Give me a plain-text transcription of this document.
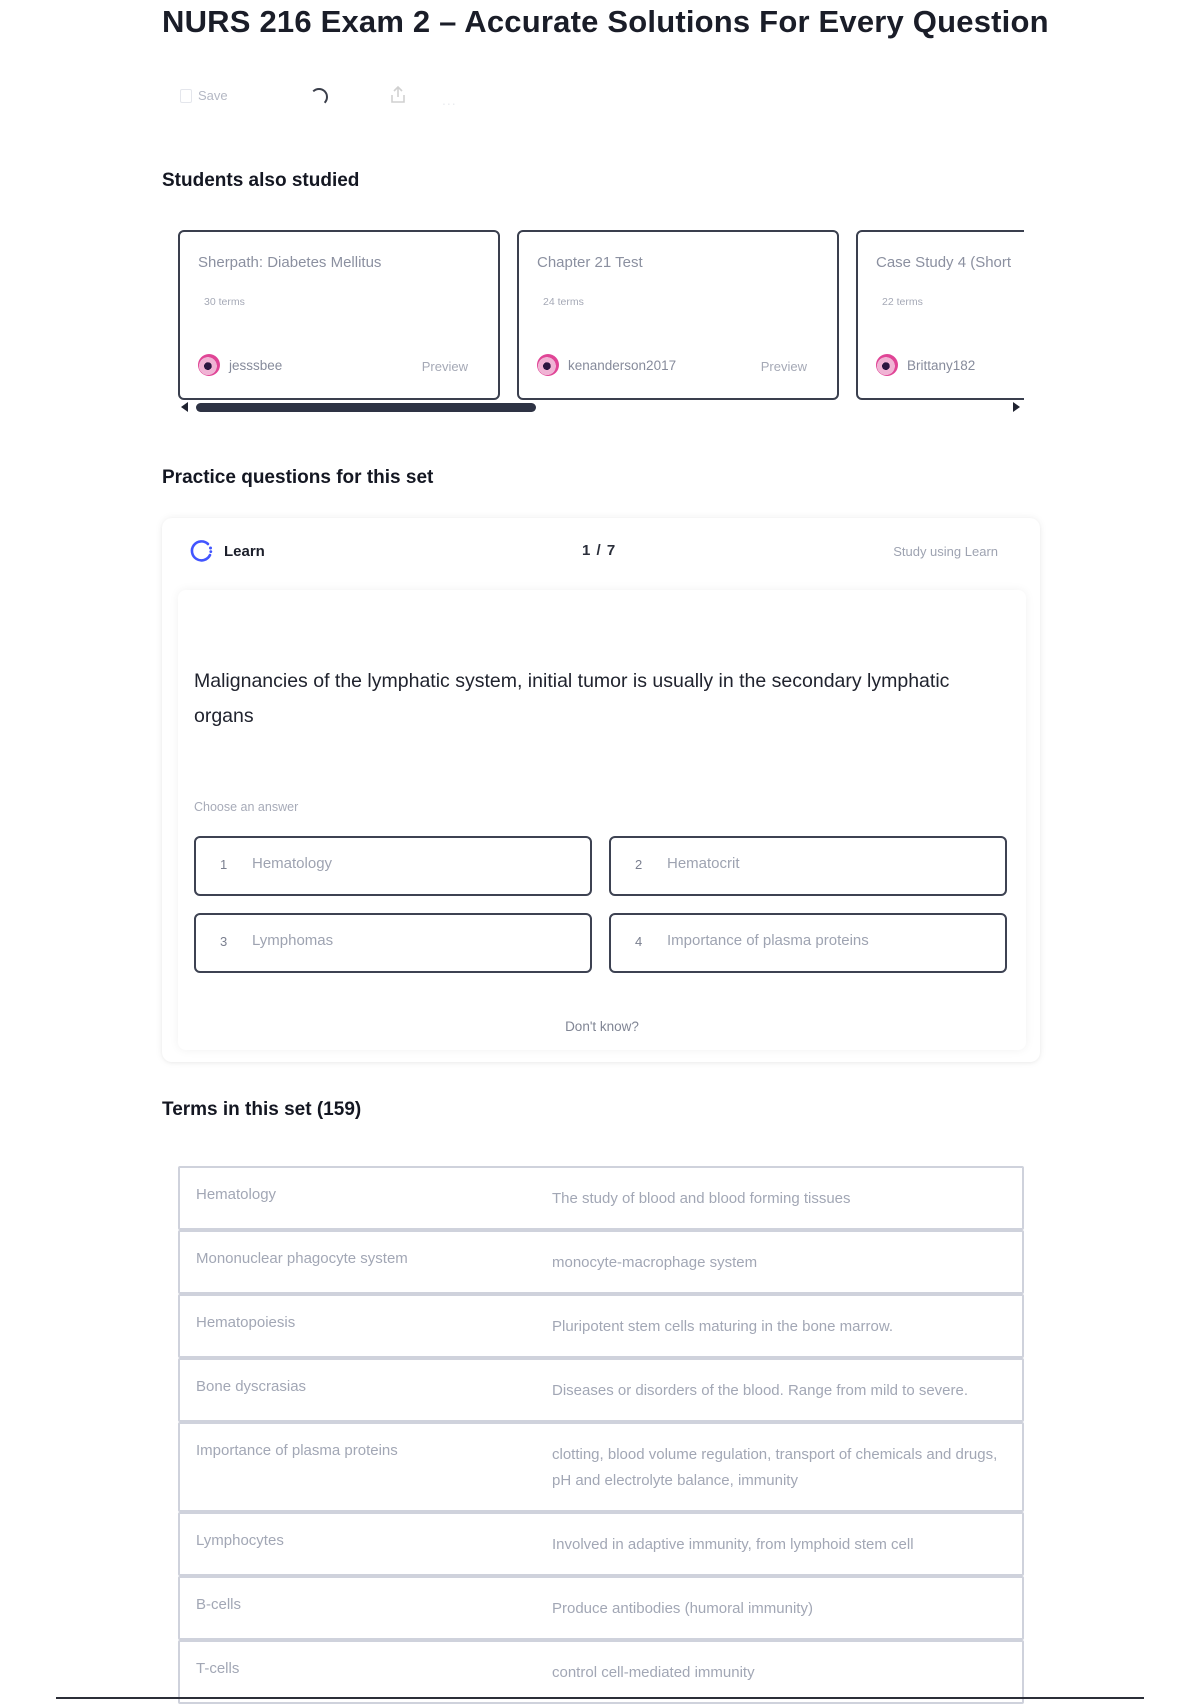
NURS 216 Exam 2 – Accurate Solutions For Every Question
Save	...
Students also studied
Sherpath: Diabetes Mellitus
30 terms
jesssbee	Preview
Chapter 21 Test
24 terms
kenanderson2017	Preview
Case Study 4 (Short
22 terms
Brittany182
Practice questions for this set
Learn	1 / 7	Study using Learn
Malignancies of the lymphatic system, initial tumor is usually in the secondary lymphatic organs
Choose an answer
1 Hematology	2 Hematocrit
3 Lymphomas	4 Importance of plasma proteins
Don't know?
Terms in this set (159)
Hematology	The study of blood and blood forming tissues
Mononuclear phagocyte system	monocyte-macrophage system
Hematopoiesis	Pluripotent stem cells maturing in the bone marrow.
Bone dyscrasias	Diseases or disorders of the blood. Range from mild to severe.
Importance of plasma proteins	clotting, blood volume regulation, transport of chemicals and drugs, pH and electrolyte balance, immunity
Lymphocytes	Involved in adaptive immunity, from lymphoid stem cell
B-cells	Produce antibodies (humoral immunity)
T-cells	control cell-mediated immunity
